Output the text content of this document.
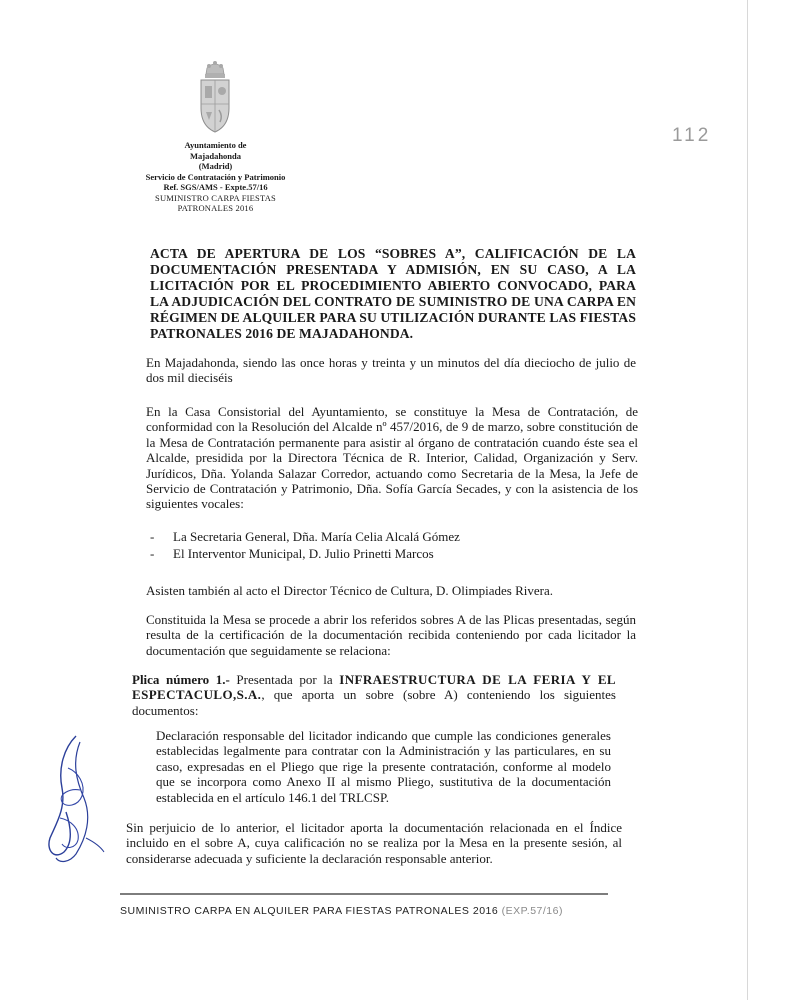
Ayuntamiento de
Majadahonda
(Madrid)
Servicio de Contratación y Patrimonio
Ref. SGS/AMS - Expte.57/16
SUMINISTRO CARPA FIESTAS
PATRONALES 2016
112
ACTA DE APERTURA DE LOS “SOBRES A”, CALIFICACIÓN DE LA DOCUMENTACIÓN PRESENTADA Y ADMISIÓN, EN SU CASO, A LA LICITACIÓN POR EL PROCEDIMIENTO ABIERTO CONVOCADO, PARA LA ADJUDICACIÓN DEL CONTRATO DE SUMINISTRO DE UNA CARPA EN RÉGIMEN DE ALQUILER PARA SU UTILIZACIÓN DURANTE LAS FIESTAS PATRONALES 2016 DE MAJADAHONDA.

En Majadahonda, siendo las once horas y treinta y un minutos del día dieciocho de julio de dos mil dieciséis

En la Casa Consistorial del Ayuntamiento, se constituye la Mesa de Contratación, de conformidad con la Resolución del Alcalde nº 457/2016, de 9 de marzo, sobre constitución de la Mesa de Contratación permanente para asistir al órgano de contratación cuando éste sea el Alcalde, presidida por la Directora Técnica de R. Interior, Calidad, Organización y Serv. Jurídicos, Dña. Yolanda Salazar Corredor, actuando como Secretaria de la Mesa, la Jefe de Servicio de Contratación y Patrimonio, Dña. Sofía García Secades, y con la asistencia de los siguientes vocales:

- La Secretaria General, Dña. María Celia Alcalá Gómez
- El Interventor Municipal, D. Julio Prinetti Marcos

Asisten también al acto el Director Técnico de Cultura, D. Olimpiades Rivera.

Constituida la Mesa se procede a abrir los referidos sobres A de las Plicas presentadas, según resulta de la certificación de la documentación recibida conteniendo por cada licitador la documentación que seguidamente se relaciona:

Plica número 1.- Presentada por la INFRAESTRUCTURA DE LA FERIA Y EL ESPECTACULO,S.A., que aporta un sobre (sobre A) conteniendo los siguientes documentos:

Declaración responsable del licitador indicando que cumple las condiciones generales establecidas legalmente para contratar con la Administración y las particulares, en su caso, expresadas en el Pliego que rige la presente contratación, conforme al modelo que se incorpora como Anexo II al mismo Pliego, sustitutiva de la documentación establecida en el artículo 146.1 del TRLCSP.

Sin perjuicio de lo anterior, el licitador aporta la documentación relacionada en el Índice incluido en el sobre A, cuya calificación no se realiza por la Mesa en la presente sesión, al considerarse adecuada y suficiente la declaración responsable anterior.

SUMINISTRO CARPA EN ALQUILER PARA FIESTAS PATRONALES 2016 (EXP.57/16)
